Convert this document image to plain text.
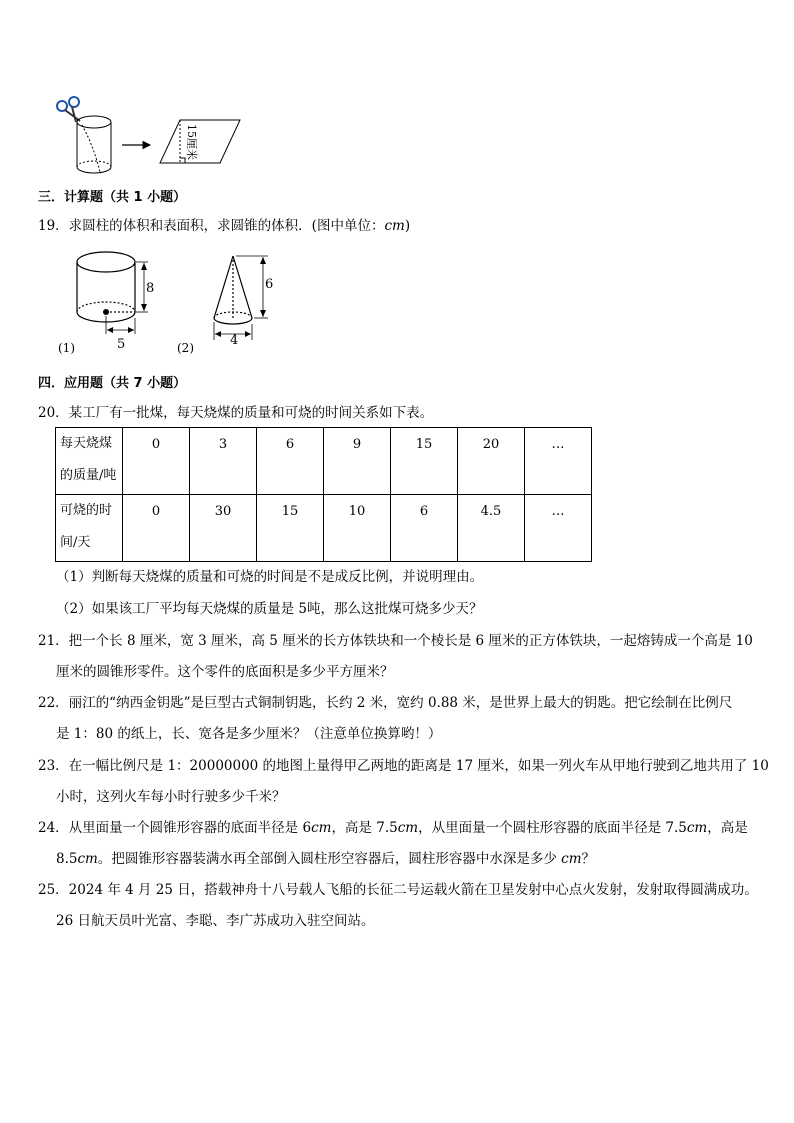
15厘米
三．计算题（共 1 小题）
19．求圆柱的体积和表面积，求圆锥的体积．(图中单位：cm)
8
5
(1)
6
4
(2)
四．应用题（共 7 小题）
20．某工厂有一批煤，每天烧煤的质量和可烧的时间关系如下表。
每天烧煤
的质量/吨	0	3	6	9	15	20	…
可烧的时
间/天	0	30	15	10	6	4.5	…
（1）判断每天烧煤的质量和可烧的时间是不是成反比例，并说明理由。
（2）如果该工厂平均每天烧煤的质量是 5吨，那么这批煤可烧多少天？
21．把一个长 8 厘米，宽 3 厘米，高 5 厘米的长方体铁块和一个棱长是 6 厘米的正方体铁块，一起熔铸成一个高是 10
厘米的圆锥形零件。这个零件的底面积是多少平方厘米？
22．丽江的“纳西金钥匙”是巨型古式铜制钥匙，长约 2 米，宽约 0.88 米，是世界上最大的钥匙。把它绘制在比例尺
是 1：80 的纸上，长、宽各是多少厘米？（注意单位换算哟！）
23．在一幅比例尺是 1：20000000 的地图上量得甲乙两地的距离是 17 厘米，如果一列火车从甲地行驶到乙地共用了 10
小时，这列火车每小时行驶多少千米？
24．从里面量一个圆锥形容器的底面半径是 6cm，高是 7.5cm，从里面量一个圆柱形容器的底面半径是 7.5cm，高是
8.5cm。把圆锥形容器装满水再全部倒入圆柱形空容器后，圆柱形容器中水深是多少 cm？
25．2024 年 4 月 25 日，搭载神舟十八号载人飞船的长征二号运载火箭在卫星发射中心点火发射，发射取得圆满成功。
26 日航天员叶光富、李聪、李广苏成功入驻空间站。
